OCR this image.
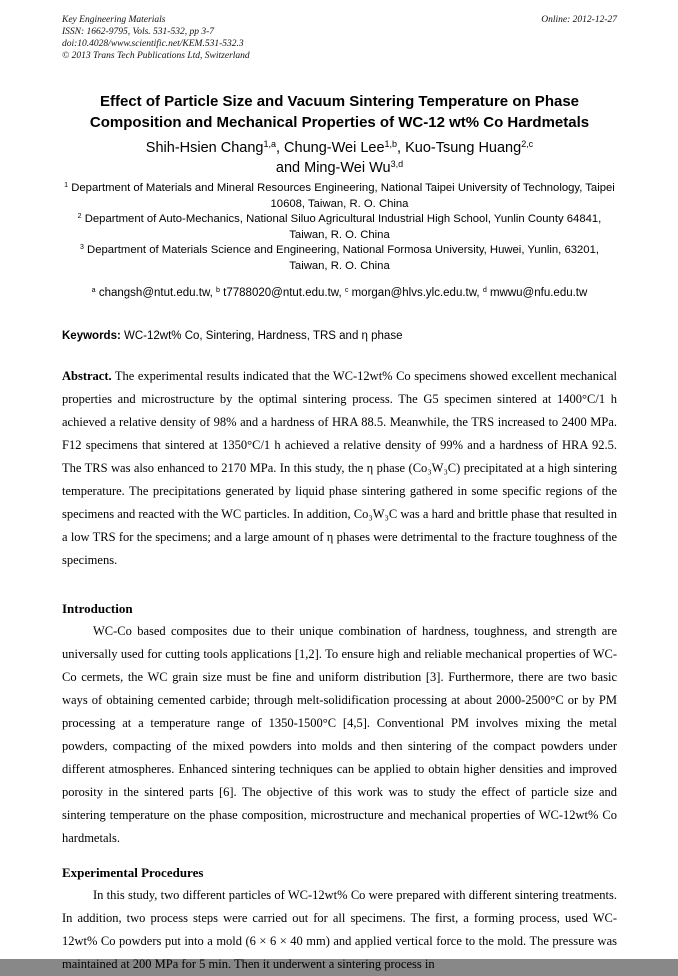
Key Engineering Materials
ISSN: 1662-9795, Vols. 531-532, pp 3-7
doi:10.4028/www.scientific.net/KEM.531-532.3
© 2013 Trans Tech Publications Ltd, Switzerland
Online: 2012-12-27
Effect of Particle Size and Vacuum Sintering Temperature on Phase
Composition and Mechanical Properties of WC-12 wt% Co Hardmetals
Shih-Hsien Chang$^{1,a}$, Chung-Wei Lee$^{1,b}$, Kuo-Tsung Huang$^{2,c}$
and Ming-Wei Wu$^{3,d}$
$^1$ Department of Materials and Mineral Resources Engineering, National Taipei University of Technology, Taipei 10608, Taiwan, R. O. China
$^2$ Department of Auto-Mechanics, National Siluo Agricultural Industrial High School, Yunlin County 64841, Taiwan, R. O. China
$^3$ Department of Materials Science and Engineering, National Formosa University, Huwei, Yunlin, 63201, Taiwan, R. O. China
$^a$ changsh@ntut.edu.tw, $^b$ t7788020@ntut.edu.tw, $^c$ morgan@hlvs.ylc.edu.tw, $^d$ mwwu@nfu.edu.tw

Keywords: WC-12wt% Co, Sintering, Hardness, TRS and η phase

Abstract. The experimental results indicated that the WC-12wt% Co specimens showed excellent mechanical properties and microstructure by the optimal sintering process. The G5 specimen sintered at 1400°C/1 h achieved a relative density of 98% and a hardness of HRA 88.5. Meanwhile, the TRS increased to 2400 MPa. F12 specimens that sintered at 1350°C/1 h achieved a relative density of 99% and a hardness of HRA 92.5. The TRS was also enhanced to 2170 MPa. In this study, the η phase (Co₃W₃C) precipitated at a high sintering temperature. The precipitations generated by liquid phase sintering gathered in some specific regions of the specimens and reacted with the WC particles. In addition, Co₃W₃C was a hard and brittle phase that resulted in a low TRS for the specimens; and a large amount of η phases were detrimental to the fracture toughness of the specimens.

Introduction

WC-Co based composites due to their unique combination of hardness, toughness, and strength are universally used for cutting tools applications [1,2]. To ensure high and reliable mechanical properties of WC-Co cermets, the WC grain size must be fine and uniform distribution [3]. Furthermore, there are two basic ways of obtaining cemented carbide; through melt-solidification processing at about 2000-2500°C or by PM processing at a temperature range of 1350-1500°C [4,5]. Conventional PM involves mixing the metal powders, compacting of the mixed powders into molds and then sintering of the compact powders under different atmospheres. Enhanced sintering techniques can be applied to obtain higher densities and improved porosity in the sintered parts [6]. The objective of this work was to study the effect of particle size and sintering temperature on the phase composition, microstructure and mechanical properties of WC-12wt% Co hardmetals.

Experimental Procedures

In this study, two different particles of WC-12wt% Co were prepared with different sintering treatments. In addition, two process steps were carried out for all specimens. The first, a forming process, used WC-12wt% Co powders put into a mold (6 × 6 × 40 mm) and applied vertical force to the mold. The pressure was maintained at 200 MPa for 5 min. Then it underwent a sintering process in
